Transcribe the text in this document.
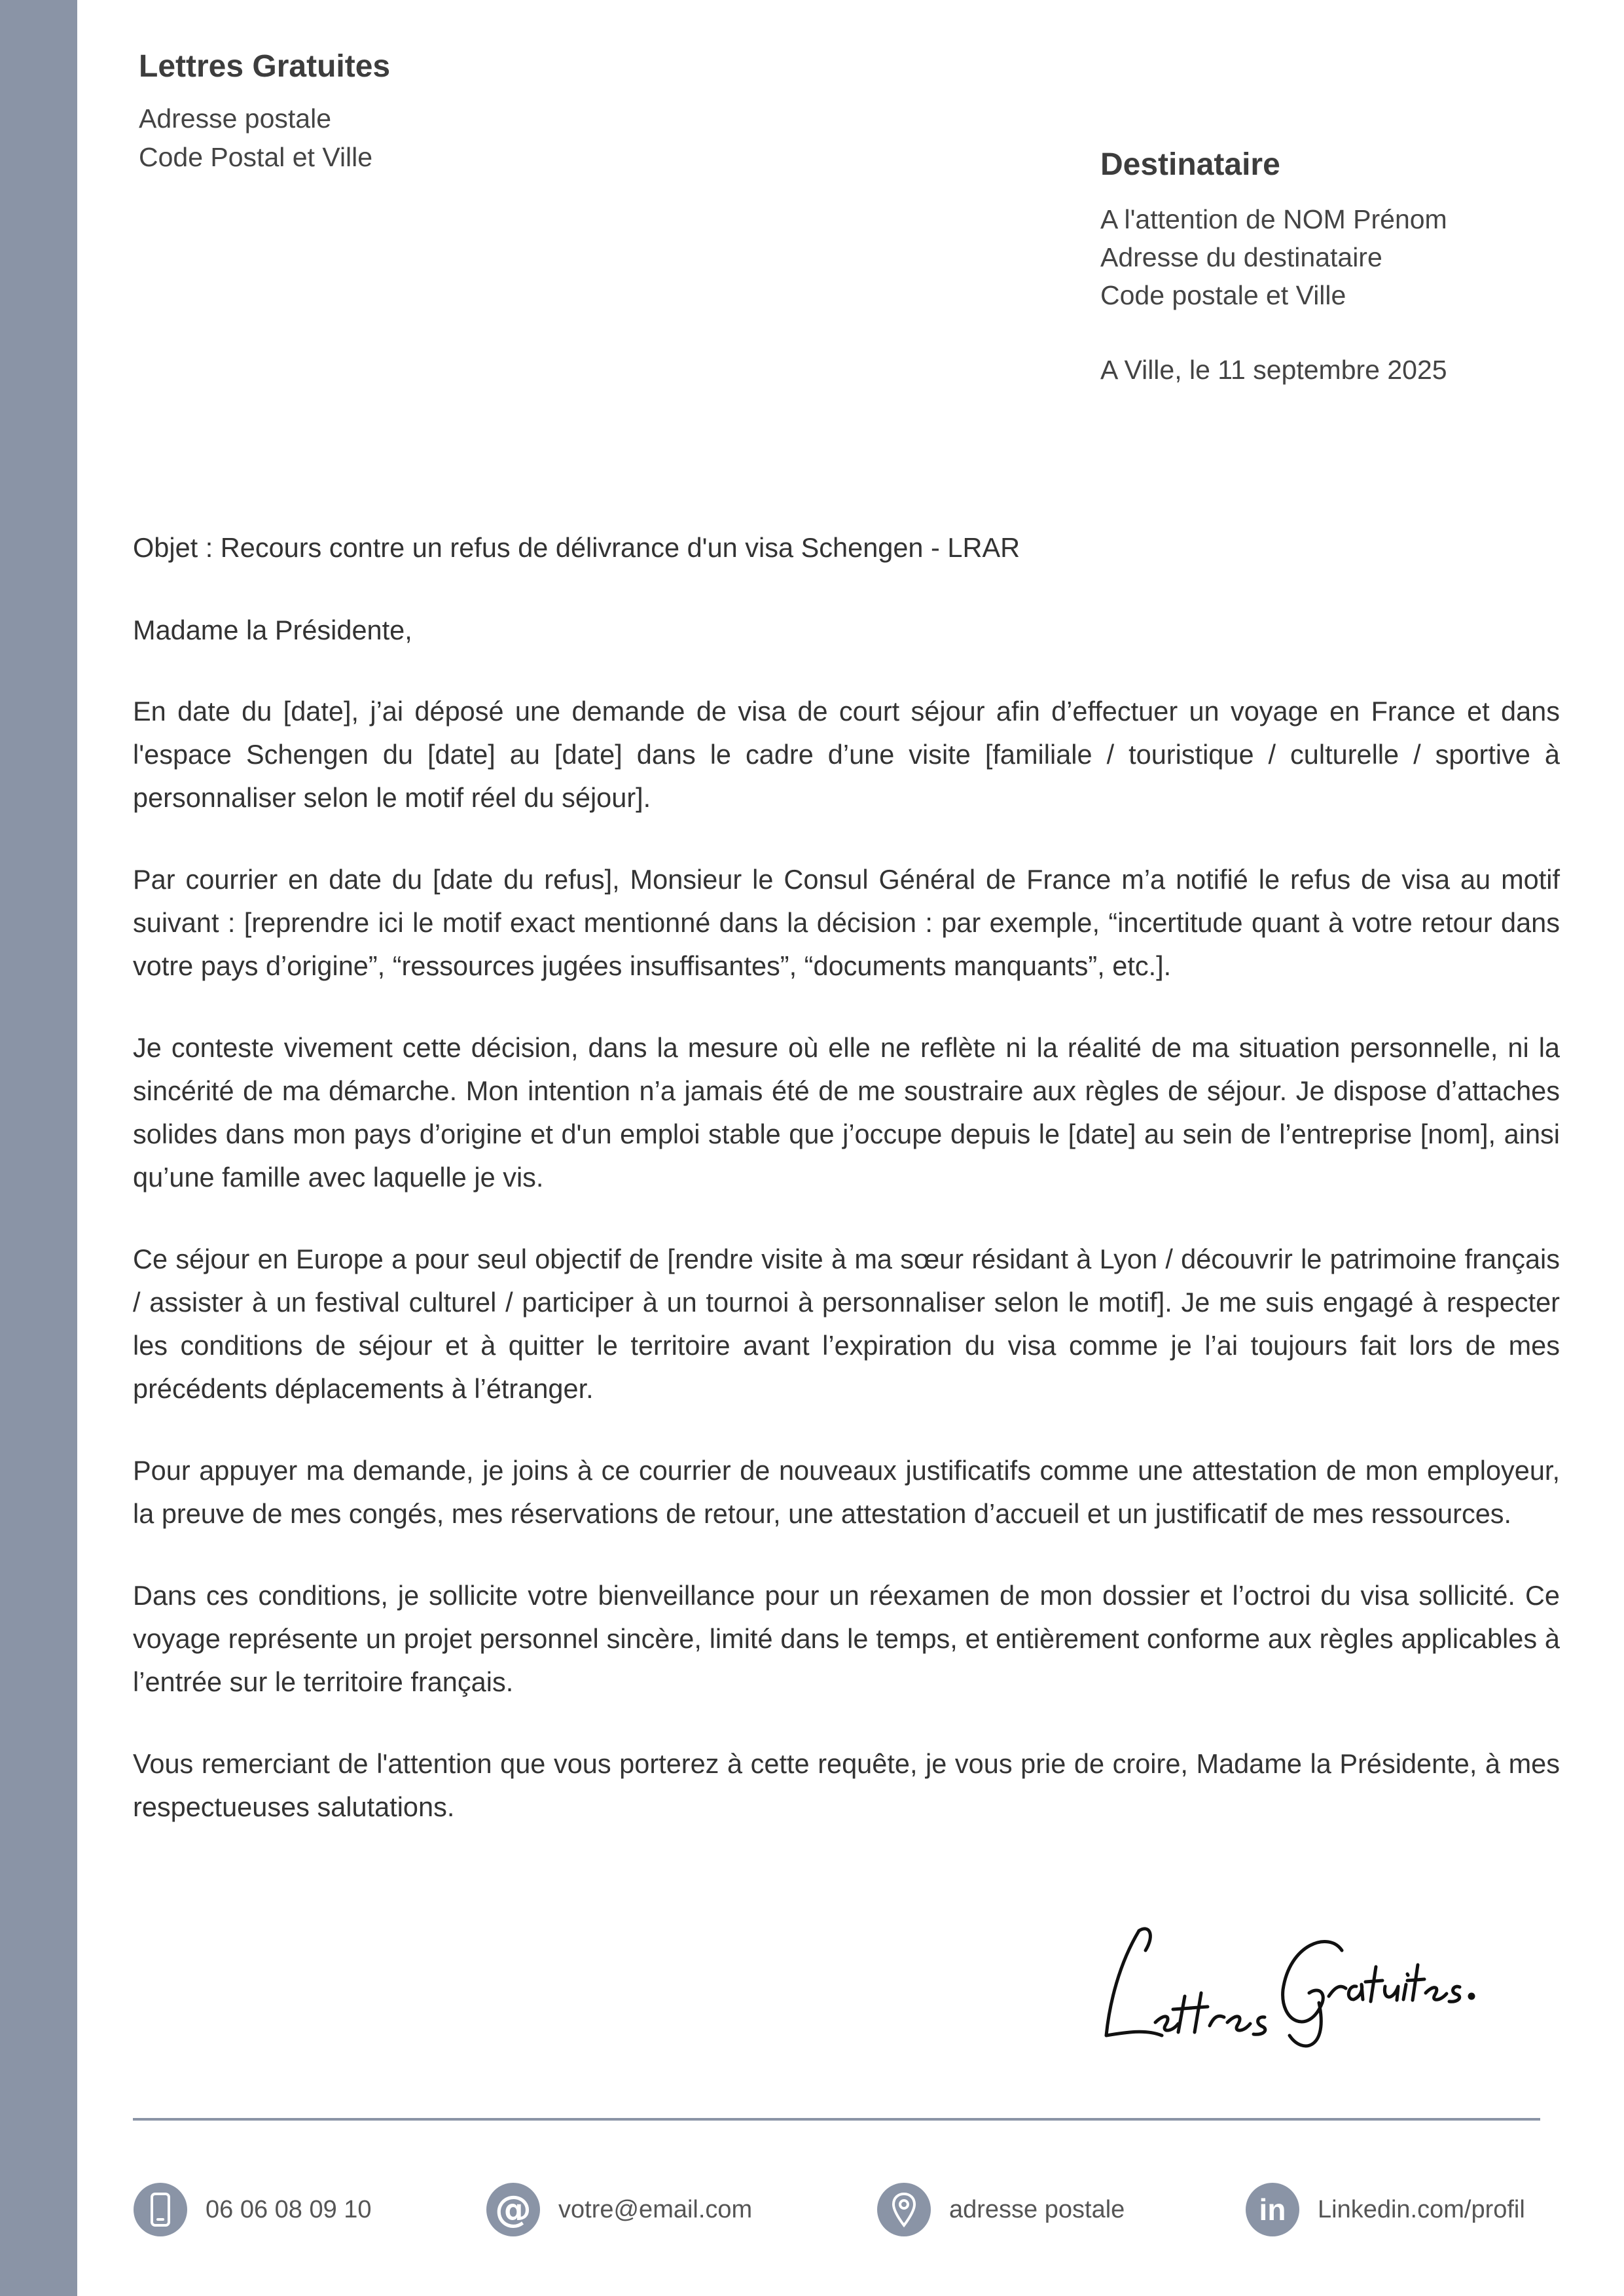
Lettres Gratuites
Adresse postale
Code Postal et Ville	Destinataire
A l'attention de NOM Prénom
Adresse du destinataire
Code postale et Ville
A Ville, le 11 septembre 2025

Objet : Recours contre un refus de délivrance d'un visa Schengen - LRAR

Madame la Présidente,

En date du [date], j’ai déposé une demande de visa de court séjour afin d’effectuer un voyage en France et dans l'espace Schengen du [date] au [date] dans le cadre d’une visite [familiale / touristique / culturelle / sportive à personnaliser selon le motif réel du séjour].

Par courrier en date du [date du refus], Monsieur le Consul Général de France m’a notifié le refus de visa au motif suivant : [reprendre ici le motif exact mentionné dans la décision : par exemple, “incertitude quant à votre retour dans votre pays d’origine”, “ressources jugées insuffisantes”, “documents manquants”, etc.].

Je conteste vivement cette décision, dans la mesure où elle ne reflète ni la réalité de ma situation personnelle, ni la sincérité de ma démarche. Mon intention n’a jamais été de me soustraire aux règles de séjour. Je dispose d’attaches solides dans mon pays d’origine et d'un emploi stable que j’occupe depuis le [date] au sein de l’entreprise [nom], ainsi qu’une famille avec laquelle je vis.

Ce séjour en Europe a pour seul objectif de [rendre visite à ma sœur résidant à Lyon / découvrir le patrimoine français / assister à un festival culturel / participer à un tournoi à personnaliser selon le motif]. Je me suis engagé à respecter les conditions de séjour et à quitter le territoire avant l’expiration du visa comme je l’ai toujours fait lors de mes précédents déplacements à l’étranger.

Pour appuyer ma demande, je joins à ce courrier de nouveaux justificatifs comme une attestation de mon employeur, la preuve de mes congés, mes réservations de retour, une attestation d’accueil et un justificatif de mes ressources.

Dans ces conditions, je sollicite votre bienveillance pour un réexamen de mon dossier et l’octroi du visa sollicité. Ce voyage représente un projet personnel sincère, limité dans le temps, et entièrement conforme aux règles applicables à l’entrée sur le territoire français.

Vous remerciant de l'attention que vous porterez à cette requête, je vous prie de croire, Madame la Présidente, à mes respectueuses salutations.

06 06 08 09 10	@ votre@email.com	adresse postale	in Linkedin.com/profil
